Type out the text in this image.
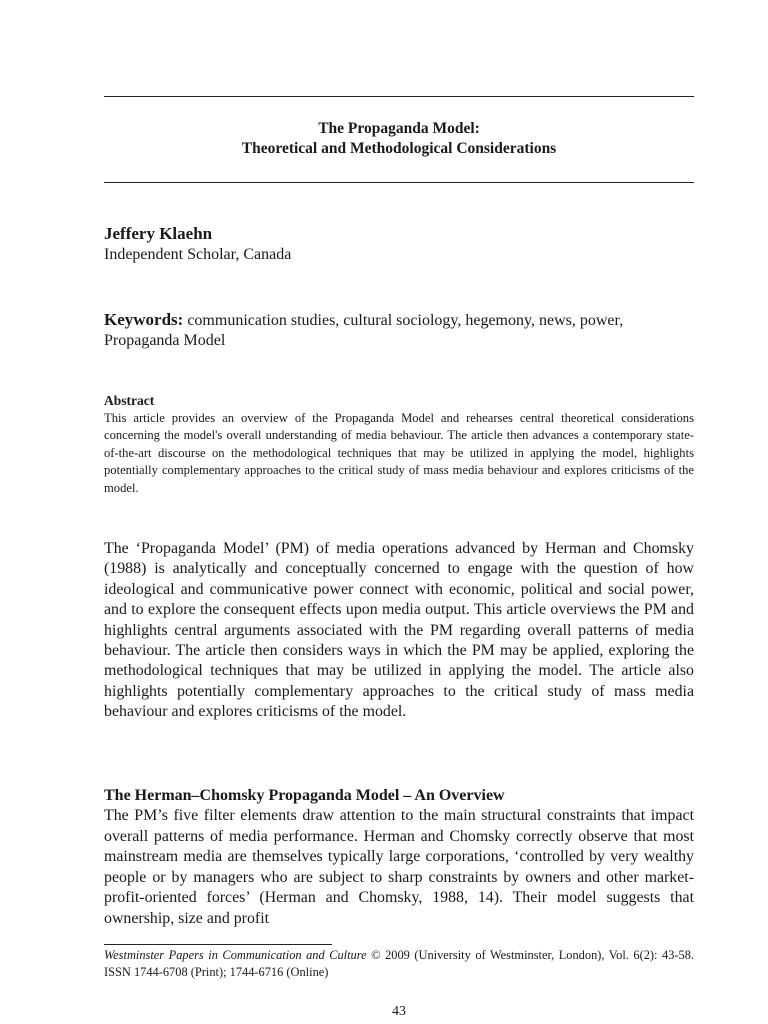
The Propaganda Model:
Theoretical and Methodological Considerations
Jeffery Klaehn
Independent Scholar, Canada
Keywords: communication studies, cultural sociology, hegemony, news, power, Propaganda Model
Abstract
This article provides an overview of the Propaganda Model and rehearses central theoretical considerations concerning the model's overall understanding of media behaviour. The article then advances a contemporary state-of-the-art discourse on the methodological techniques that may be utilized in applying the model, highlights potentially complementary approaches to the critical study of mass media behaviour and explores criticisms of the model.
The ‘Propaganda Model’ (PM) of media operations advanced by Herman and Chomsky (1988) is analytically and conceptually concerned to engage with the question of how ideological and communicative power connect with economic, political and social power, and to explore the consequent effects upon media output. This article overviews the PM and highlights central arguments associated with the PM regarding overall patterns of media behaviour. The article then considers ways in which the PM may be applied, exploring the methodological techniques that may be utilized in applying the model. The article also highlights potentially complementary approaches to the critical study of mass media behaviour and explores criticisms of the model.
The Herman–Chomsky Propaganda Model – An Overview
The PM’s five filter elements draw attention to the main structural constraints that impact overall patterns of media performance. Herman and Chomsky correctly observe that most mainstream media are themselves typically large corporations, ‘controlled by very wealthy people or by managers who are subject to sharp constraints by owners and other market-profit-oriented forces’ (Herman and Chomsky, 1988, 14). Their model suggests that ownership, size and profit
Westminster Papers in Communication and Culture © 2009 (University of Westminster, London), Vol. 6(2): 43-58. ISSN 1744-6708 (Print); 1744-6716 (Online)
43
